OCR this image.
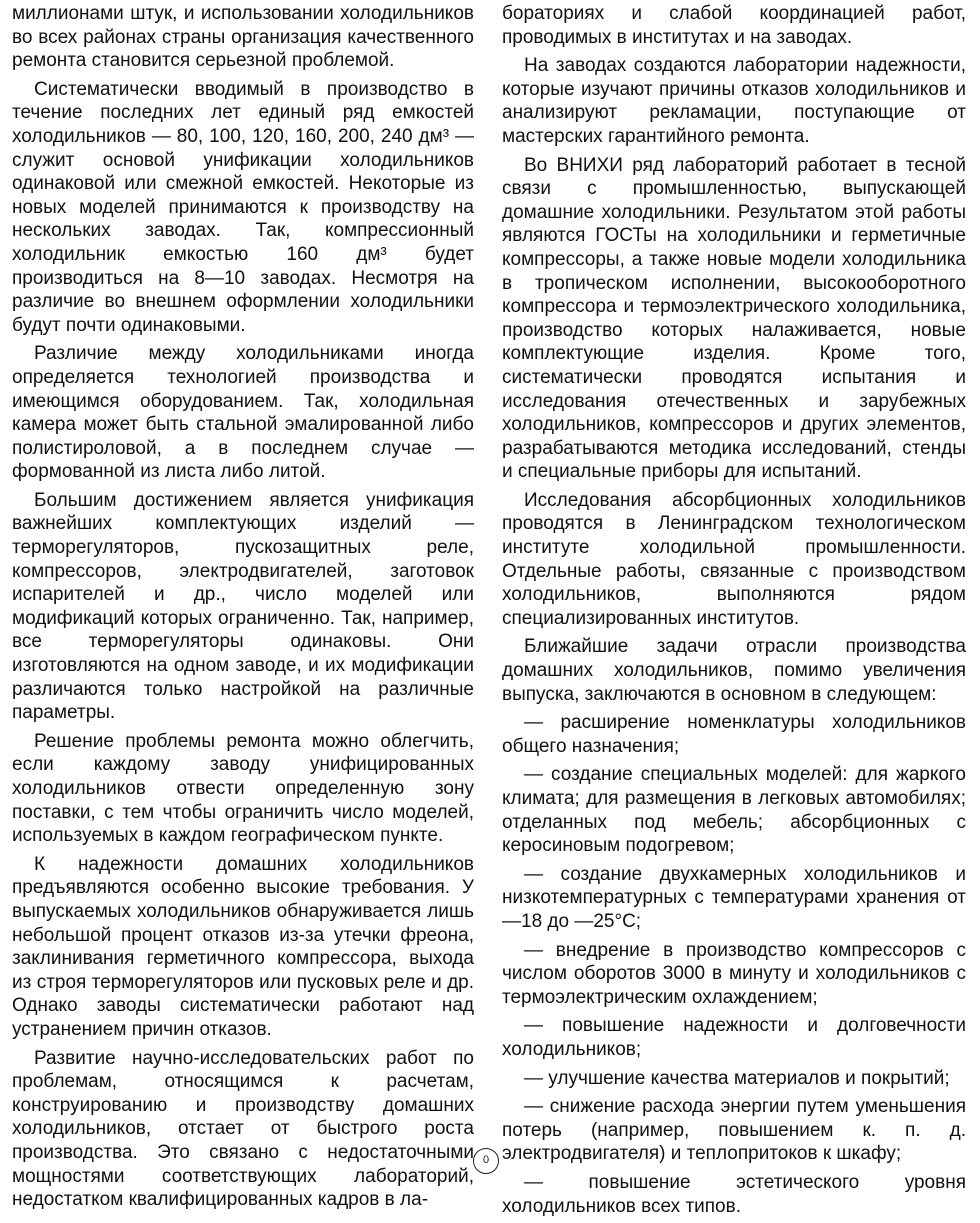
миллионами штук, и использовании холодильников во всех районах страны организация качественного ремонта становится серьезной проблемой.

Систематически вводимый в производство в течение последних лет единый ряд емкостей холодильников — 80, 100, 120, 160, 200, 240 дм³ — служит основой унификации холодильников одинаковой или смежной емкостей. Некоторые из новых моделей принимаются к производству на нескольких заводах. Так, компрессионный холодильник емкостью 160 дм³ будет производиться на 8—10 заводах. Несмотря на различие во внешнем оформлении холодильники будут почти одинаковыми.

Различие между холодильниками иногда определяется технологией производства и имеющимся оборудованием. Так, холодильная камера может быть стальной эмалированной либо полистироловой, а в последнем случае — формованной из листа либо литой.

Большим достижением является унификация важнейших комплектующих изделий — терморегуляторов, пускозащитных реле, компрессоров, электродвигателей, заготовок испарителей и др., число моделей или модификаций которых ограниченно. Так, например, все терморегуляторы одинаковы. Они изготовляются на одном заводе, и их модификации различаются только настройкой на различные параметры.

Решение проблемы ремонта можно облегчить, если каждому заводу унифицированных холодильников отвести определенную зону поставки, с тем чтобы ограничить число моделей, используемых в каждом географическом пункте.

К надежности домашних холодильников предъявляются особенно высокие требования. У выпускаемых холодильников обнаруживается лишь небольшой процент отказов из-за утечки фреона, заклинивания герметичного компрессора, выхода из строя терморегуляторов или пусковых реле и др. Однако заводы систематически работают над устранением причин отказов.

Развитие научно-исследовательских работ по проблемам, относящимся к расчетам, конструированию и производству домашних холодильников, отстает от быстрого роста производства. Это связано с недостаточными мощностями соответствующих лабораторий, недостатком квалифицированных кадров в ла-

бораториях и слабой координацией работ, проводимых в институтах и на заводах.

На заводах создаются лаборатории надежности, которые изучают причины отказов холодильников и анализируют рекламации, поступающие от мастерских гарантийного ремонта.

Во ВНИХИ ряд лабораторий работает в тесной связи с промышленностью, выпускающей домашние холодильники. Результатом этой работы являются ГОСТы на холодильники и герметичные компрессоры, а также новые модели холодильника в тропическом исполнении, высокооборотного компрессора и термоэлектрического холодильника, производство которых налаживается, новые комплектующие изделия. Кроме того, систематически проводятся испытания и исследования отечественных и зарубежных холодильников, компрессоров и других элементов, разрабатываются методика исследований, стенды и специальные приборы для испытаний.

Исследования абсорбционных холодильников проводятся в Ленинградском технологическом институте холодильной промышленности. Отдельные работы, связанные с производством холодильников, выполняются рядом специализированных институтов.

Ближайшие задачи отрасли производства домашних холодильников, помимо увеличения выпуска, заключаются в основном в следующем:

— расширение номенклатуры холодильников общего назначения;

— создание специальных моделей: для жаркого климата; для размещения в легковых автомобилях; отделанных под мебель; абсорбционных с керосиновым подогревом;

— создание двухкамерных холодильников и низкотемпературных с температурами хранения от —18 до —25°С;

— внедрение в производство компрессоров с числом оборотов 3000 в минуту и холодильников с термоэлектрическим охлаждением;

— повышение надежности и долговечности холодильников;

— улучшение качества материалов и покрытий;

— снижение расхода энергии путем уменьшения потерь (например, повышением к. п. д. электродвигателя) и теплопритоков к шкафу;

— повышение эстетического уровня холодильников всех типов.

0
